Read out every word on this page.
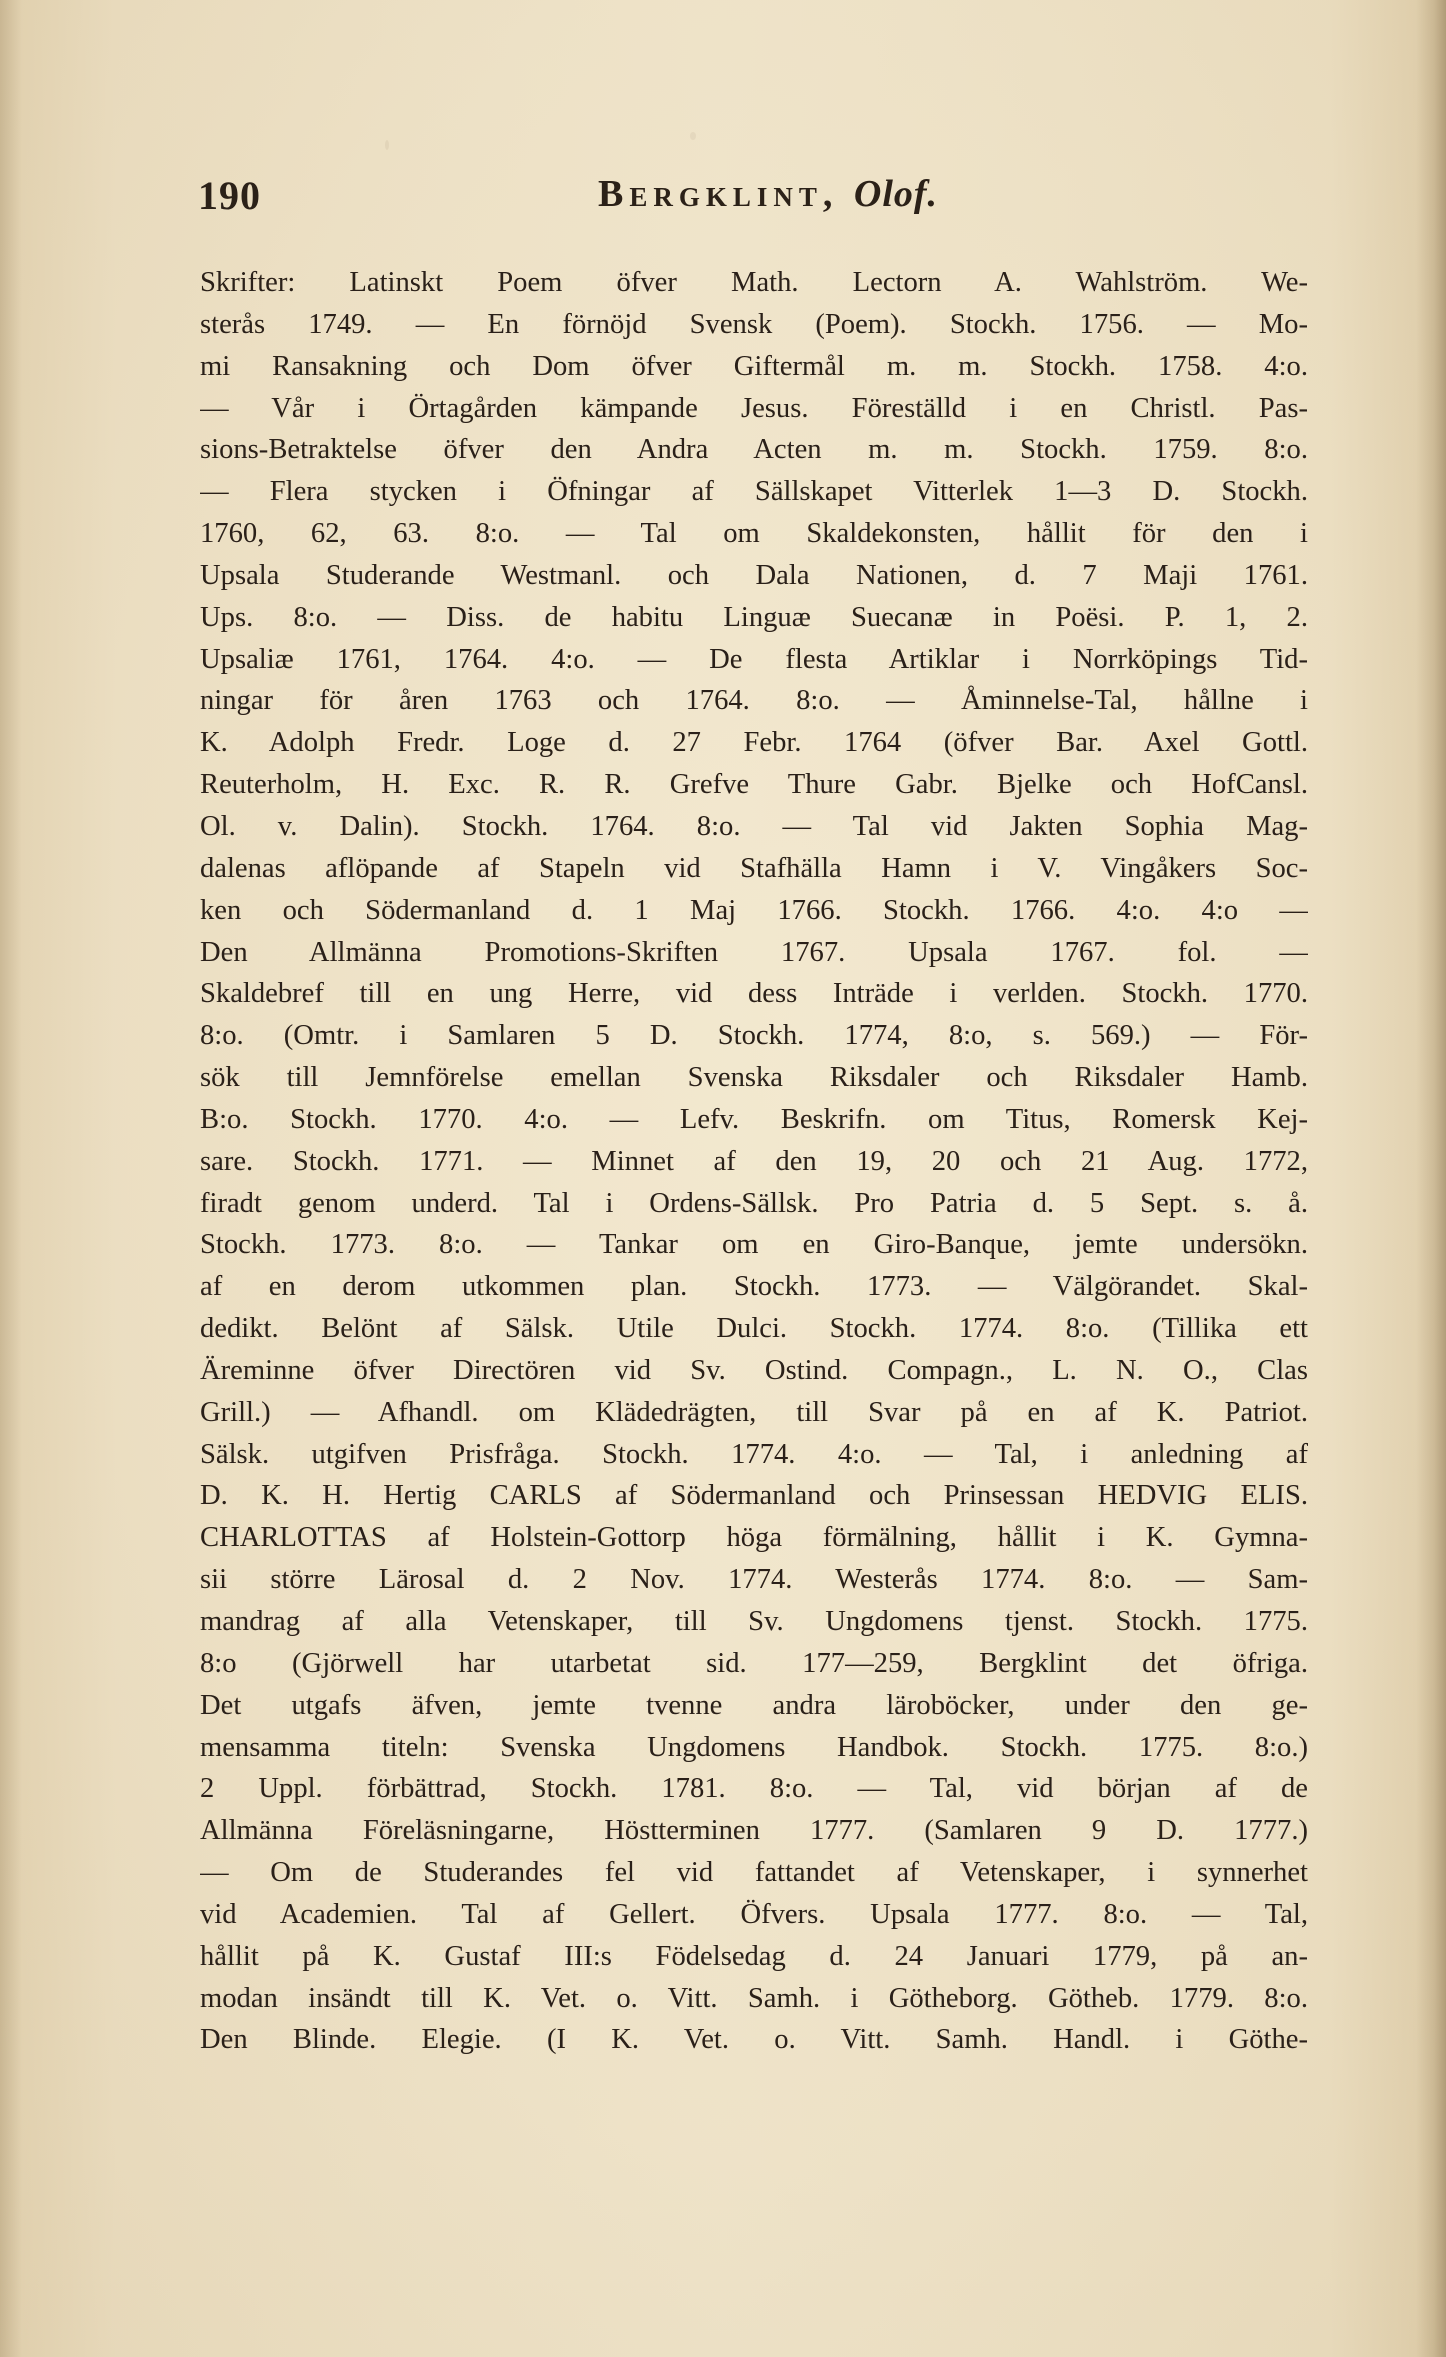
190	Bergklint, Olof.
Skrifter: Latinskt Poem öfver Math. Lectorn A. Wahlström. We-
sterås 1749. — En förnöjd Svensk (Poem). Stockh. 1756. — Mo-
mi Ransakning och Dom öfver Giftermål m. m. Stockh. 1758. 4:o.
— Vår i Örtagården kämpande Jesus. Föreställd i en Christl. Pas-
sions-Betraktelse öfver den Andra Acten m. m. Stockh. 1759. 8:o.
— Flera stycken i Öfningar af Sällskapet Vitterlek 1—3 D. Stockh.
1760, 62, 63. 8:o. — Tal om Skaldekonsten, hållit för den i
Upsala Studerande Westmanl. och Dala Nationen, d. 7 Maji 1761.
Ups. 8:o. — Diss. de habitu Linguæ Suecanæ in Poësi. P. 1, 2.
Upsaliæ 1761, 1764. 4:o. — De flesta Artiklar i Norrköpings Tid-
ningar för åren 1763 och 1764. 8:o. — Åminnelse-Tal, hållne i
K. Adolph Fredr. Loge d. 27 Febr. 1764 (öfver Bar. Axel Gottl.
Reuterholm, H. Exc. R. R. Grefve Thure Gabr. Bjelke och HofCansl.
Ol. v. Dalin). Stockh. 1764. 8:o. — Tal vid Jakten Sophia Mag-
dalenas aflöpande af Stapeln vid Stafhälla Hamn i V. Vingåkers Soc-
ken och Södermanland d. 1 Maj 1766. Stockh. 1766. 4:o. 4:o —
Den Allmänna Promotions-Skriften 1767. Upsala 1767. fol. —
Skaldebref till en ung Herre, vid dess Inträde i verlden. Stockh. 1770.
8:o. (Omtr. i Samlaren 5 D. Stockh. 1774, 8:o, s. 569.) — För-
sök till Jemnförelse emellan Svenska Riksdaler och Riksdaler Hamb.
B:o. Stockh. 1770. 4:o. — Lefv. Beskrifn. om Titus, Romersk Kej-
sare. Stockh. 1771. — Minnet af den 19, 20 och 21 Aug. 1772,
firadt genom underd. Tal i Ordens-Sällsk. Pro Patria d. 5 Sept. s. å.
Stockh. 1773. 8:o. — Tankar om en Giro-Banque, jemte undersökn.
af en derom utkommen plan. Stockh. 1773. — Välgörandet. Skal-
dedikt. Belönt af Sälsk. Utile Dulci. Stockh. 1774. 8:o. (Tillika ett
Äreminne öfver Directören vid Sv. Ostind. Compagn., L. N. O., Clas
Grill.) — Afhandl. om Klädedrägten, till Svar på en af K. Patriot.
Sälsk. utgifven Prisfråga. Stockh. 1774. 4:o. — Tal, i anledning af
D. K. H. Hertig CARLS af Södermanland och Prinsessan HEDVIG ELIS.
CHARLOTTAS af Holstein-Gottorp höga förmälning, hållit i K. Gymna-
sii större Lärosal d. 2 Nov. 1774. Westerås 1774. 8:o. — Sam-
mandrag af alla Vetenskaper, till Sv. Ungdomens tjenst. Stockh. 1775.
8:o (Gjörwell har utarbetat sid. 177—259, Bergklint det öfriga.
Det utgafs äfven, jemte tvenne andra läroböcker, under den ge-
mensamma titeln: Svenska Ungdomens Handbok. Stockh. 1775. 8:o.)
2 Uppl. förbättrad, Stockh. 1781. 8:o. — Tal, vid början af de
Allmänna Föreläsningarne, Höstterminen 1777. (Samlaren 9 D. 1777.)
— Om de Studerandes fel vid fattandet af Vetenskaper, i synnerhet
vid Academien. Tal af Gellert. Öfvers. Upsala 1777. 8:o. — Tal,
hållit på K. Gustaf III:s Födelsedag d. 24 Januari 1779, på an-
modan insändt till K. Vet. o. Vitt. Samh. i Götheborg. Götheb. 1779. 8:o.
Den Blinde. Elegie. (I K. Vet. o. Vitt. Samh. Handl. i Göthe-
